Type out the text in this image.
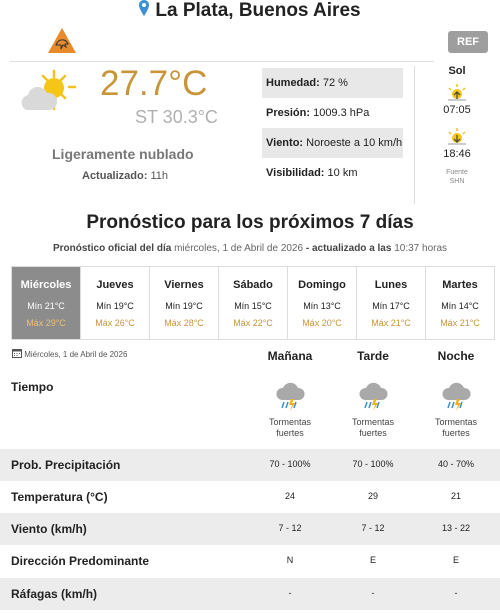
La Plata, Buenos Aires
REF
27.7°C
ST 30.3°C
Ligeramente nublado
Actualizado: 11h
Humedad: 72 %
Presión: 1009.3 hPa
Viento: Noroeste a 10 km/h
Visibilidad: 10 km
Sol
07:05
18:46
Fuente
SHN
Pronóstico para los próximos 7 días
Pronóstico oficial del día miércoles, 1 de Abril de 2026 - actualizado a las 10:37 horas
Miércoles
Mín 21°C
Máx 29°C
Jueves
Mín 19°C
Máx 26°C
Viernes
Mín 19°C
Máx 28°C
Sábado
Mín 15°C
Máx 22°C
Domingo
Mín 13°C
Máx 20°C
Lunes
Mín 17°C
Máx 21°C
Martes
Mín 14°C
Máx 21°C
Miércoles, 1 de Abril de 2026	Mañana	Tarde	Noche
Tiempo
Tormentas
fuertes
Tormentas
fuertes
Tormentas
fuertes
Prob. Precipitación	70 - 100%	70 - 100%	40 - 70%
Temperatura (°C)	24	29	21
Viento (km/h)	7 - 12	7 - 12	13 - 22
Dirección Predominante	N	E	E
Ráfagas (km/h)	-	-	-
